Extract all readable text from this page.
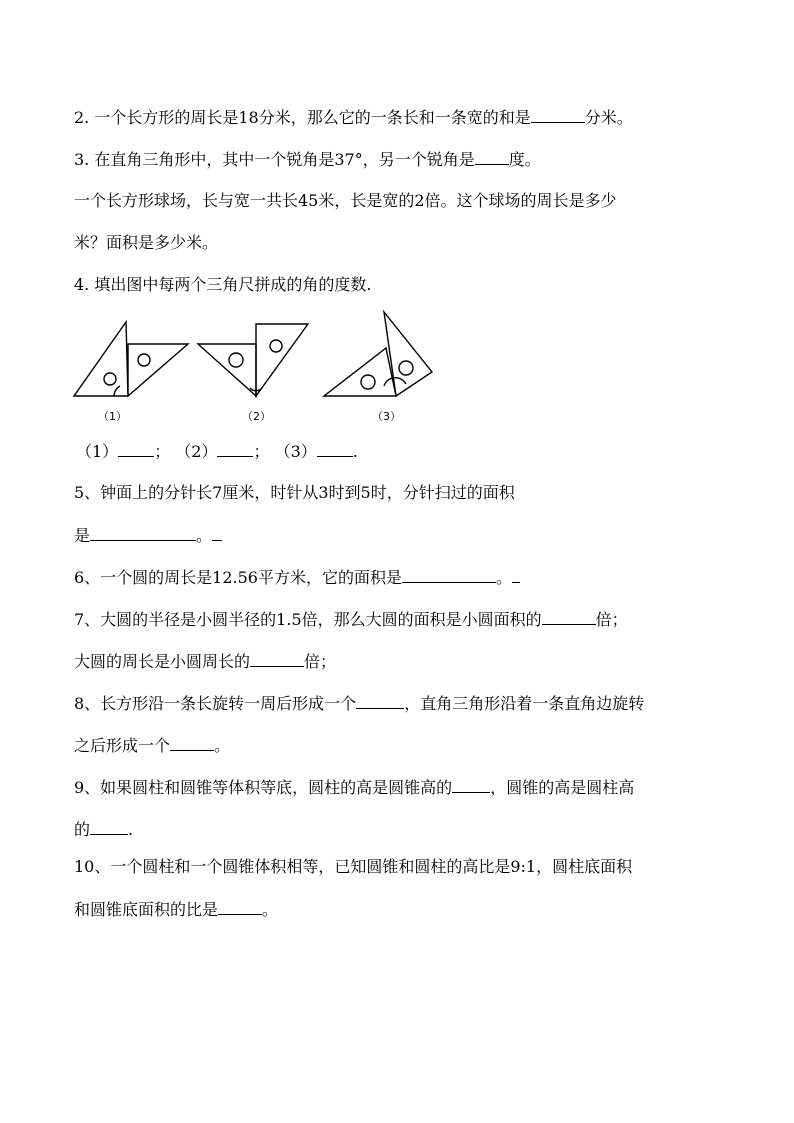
2. 一个长方形的周长是18分米，那么它的一条长和一条宽的和是	分米。
3. 在直角三角形中，其中一个锐角是37°，另一个锐角是 度。
一个长方形球场，长与宽一共长45米，长是宽的2倍。这个球场的周长是多少
米？面积是多少米。
4. 填出图中每两个三角尺拼成的角的度数.
（1）	（2）	（3）
（1） ； （2） ； （3） .
5、钟面上的分针长7厘米，时针从3时到5时，分针扫过的面积
是	。
6、一个圆的周长是12.56平方米，它的面积是	。
7、大圆的半径是小圆半径的1.5倍，那么大圆的面积是小圆面积的	倍；
大圆的周长是小圆周长的	倍；
8、长方形沿一条长旋转一周后形成一个	，直角三角形沿着一条直角边旋转
之后形成一个	。
9、如果圆柱和圆锥等体积等底，圆柱的高是圆锥高的 ，圆锥的高是圆柱高
的 .
10、一个圆柱和一个圆锥体积相等，已知圆锥和圆柱的高比是9:1，圆柱底面积
和圆锥底面积的比是	。
